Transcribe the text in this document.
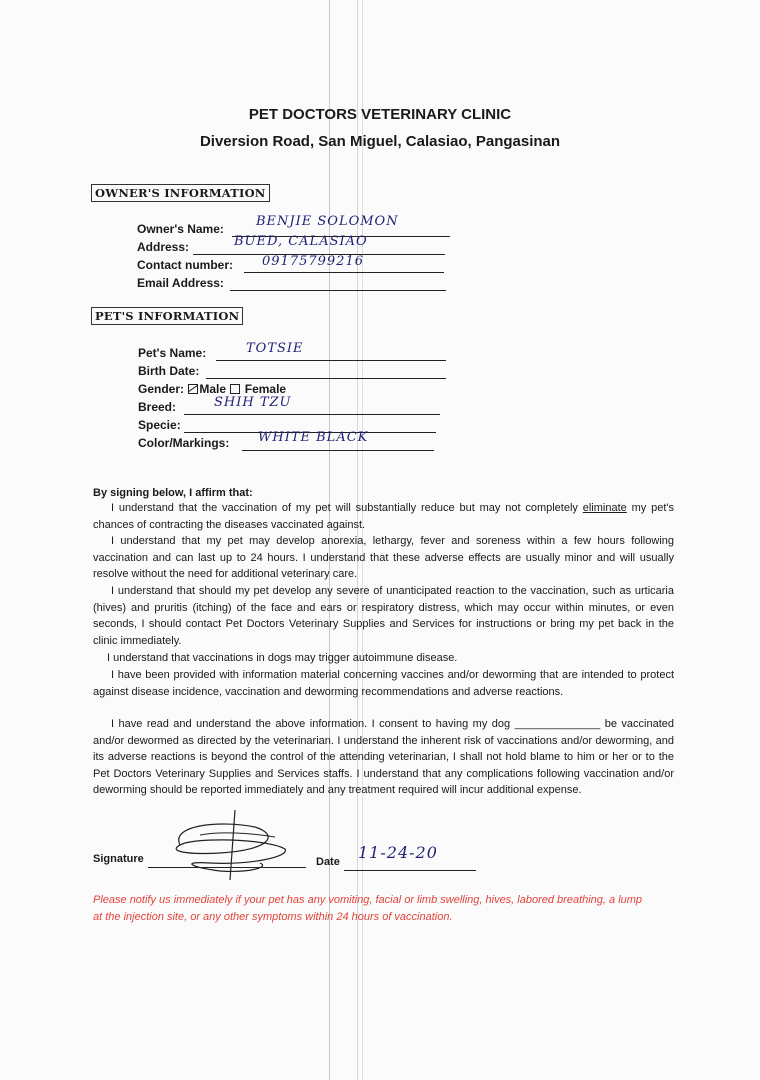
PET DOCTORS VETERINARY CLINIC
Diversion Road, San Miguel, Calasiao, Pangasinan
OWNER'S INFORMATION
Owner's Name: BENJIE SOLOMON
Address:	BUED, CALASIAO
Contact number: 09175799216
Email Address:
PET'S INFORMATION
Pet's Name:	TOTSIE
Birth Date:
Gender: Male Female
Breed:	SHIH TZU
Specie:
Color/Markings: WHITE BLACK
By signing below, I affirm that:
I understand that the vaccination of my pet will substantially reduce but may not completely eliminate my pet's chances of contracting the diseases vaccinated against.
I understand that my pet may develop anorexia, lethargy, fever and soreness within a few hours following vaccination and can last up to 24 hours. I understand that these adverse effects are usually minor and will usually resolve without the need for additional veterinary care.
I understand that should my pet develop any severe of unanticipated reaction to the vaccination, such as urticaria (hives) and pruritis (itching) of the face and ears or respiratory distress, which may occur within minutes, or even seconds, I should contact Pet Doctors Veterinary Supplies and Services for instructions or bring my pet back in the clinic immediately.
I understand that vaccinations in dogs may trigger autoimmune disease.
I have been provided with information material concerning vaccines and/or deworming that are intended to protect against disease incidence, vaccination and deworming recommendations and adverse reactions.
I have read and understand the above information. I consent to having my dog ______________ be vaccinated and/or dewormed as directed by the veterinarian. I understand the inherent risk of vaccinations and/or deworming, and its adverse reactions is beyond the control of the attending veterinarian, I shall not hold blame to him or her or to the Pet Doctors Veterinary Supplies and Services staffs. I understand that any complications following vaccination and/or deworming should be reported immediately and any treatment required will incur additional expense.
Signature	Date 11-24-20
Please notify us immediately if your pet has any vomiting, facial or limb swelling, hives, labored breathing, a lump at the injection site, or any other symptoms within 24 hours of vaccination.
